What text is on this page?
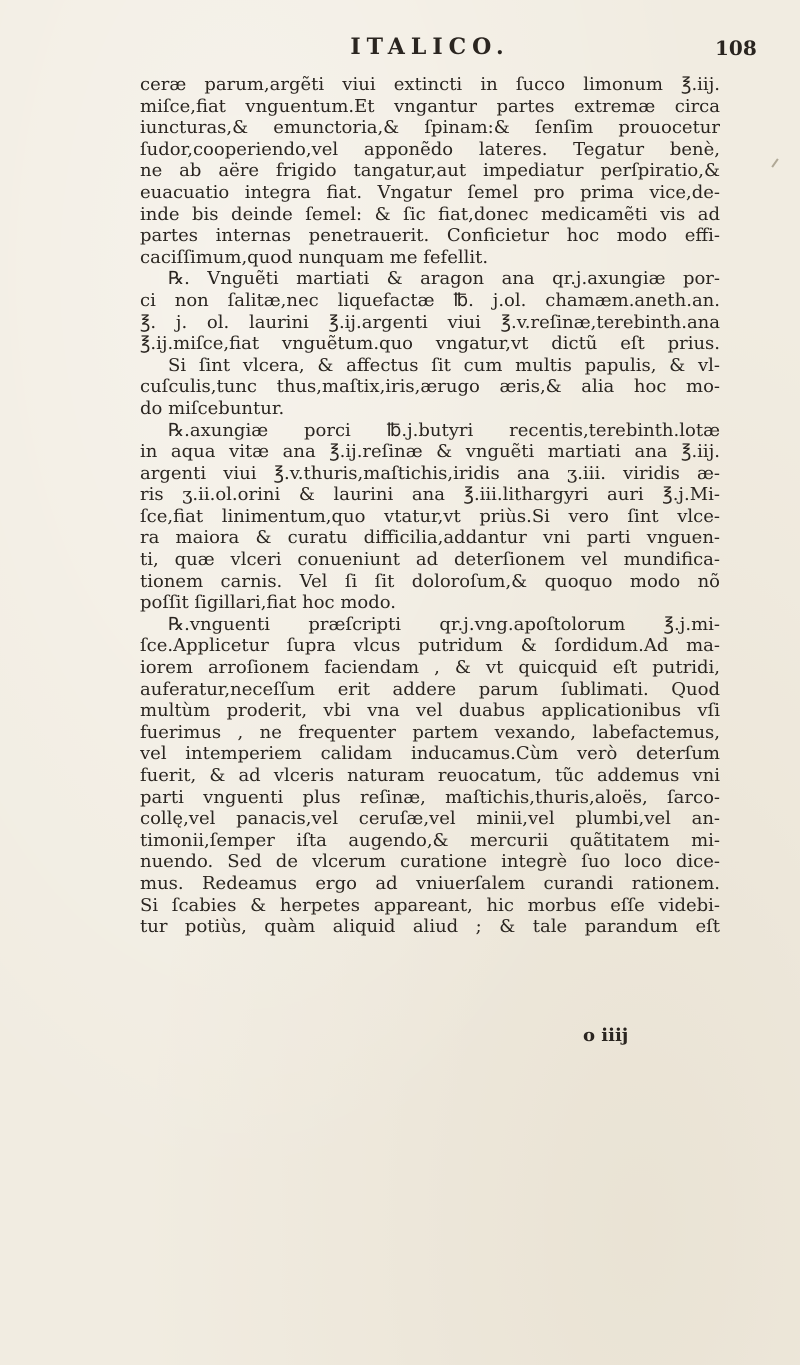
ITALICO.	108
ceræ parum,argẽti viui extincti in ſucco limonum ℥.iij.
miſce,fiat vnguentum.Et vngantur partes extremæ circa
iuncturas,& emunctoria,& ſpinam:& ſenſim prouocetur
ſudor,cooperiendo,vel apponẽdo lateres. Tegatur benè,
ne ab aëre frigido tangatur,aut impediatur perſpiratio,&
euacuatio integra fiat. Vngatur ſemel pro prima vice,de-
inde bis deinde ſemel: & ſic fiat,donec medicamẽti vis ad
partes internas penetrauerit. Conficietur hoc modo effi-
caciſſimum,quod nunquam me fefellit.
℞. Vnguẽti martiati & aragon ana qr.j.axungiæ por-
ci non ſalitæ,nec liquefactæ ℔. j.ol. chamæm.aneth.an.
℥. j. ol. laurini ℥.ij.argenti viui ℥.v.reſinæ,terebinth.ana
℥.ij.miſce,fiat vnguẽtum.quo vngatur,vt dictũ eſt prius.
Si ſint vlcera, & affectus ſit cum multis papulis, & vl-
cuſculis,tunc thus,maſtix,iris,ærugo æris,& alia hoc mo-
do miſcebuntur.
℞.axungiæ porci ℔.j.butyri recentis,terebinth.lotæ
in aqua vitæ ana ℥.ij.reſinæ & vnguẽti martiati ana ℥.iij.
argenti viui ℥.v.thuris,maſtichis,iridis ana ʒ.iii. viridis æ-
ris ʒ.ii.ol.orini & laurini ana ℥.iii.lithargyri auri ℥.j.Mi-
ſce,fiat linimentum,quo vtatur,vt priùs.Si vero ſint vlce-
ra maiora & curatu difficilia,addantur vni parti vnguen-
ti, quæ vlceri conueniunt ad deterſionem vel mundifica-
tionem carnis. Vel ſi ſit doloroſum,& quoquo modo nõ
poſſit ſigillari,fiat hoc modo.
℞.vnguenti præſcripti qr.j.vng.apoſtolorum ℥.j.mi-
ſce.Applicetur ſupra vlcus putridum & ſordidum.Ad ma-
iorem arroſionem faciendam , & vt quicquid eſt putridi,
auferatur,neceſſum erit addere parum ſublimati. Quod
multùm proderit, vbi vna vel duabus applicationibus vſi
fuerimus , ne frequenter partem vexando, labefactemus,
vel intemperiem calidam inducamus.Cùm verò deterſum
fuerit, & ad vlceris naturam reuocatum, tũc addemus vni
parti vnguenti plus reſinæ, maſtichis,thuris,aloës, ſarco-
collę,vel panacis,vel ceruſæ,vel minii,vel plumbi,vel an-
timonii,ſemper iſta augendo,& mercurii quãtitatem mi-
nuendo. Sed de vlcerum curatione integrè ſuo loco dice-
mus. Redeamus ergo ad vniuerſalem curandi rationem.
Si ſcabies & herpetes appareant, hic morbus eſſe videbi-
tur potiùs, quàm aliquid aliud ; & tale parandum eſt
o iiij
